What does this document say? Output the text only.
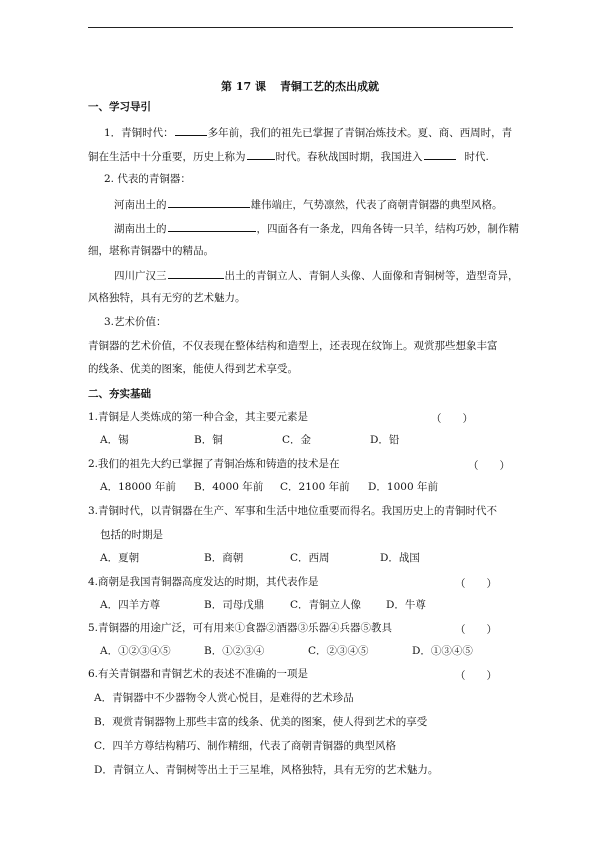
第 17 课 青铜工艺的杰出成就
一、学习导引
1．青铜时代：	多年前，我们的祖先已掌握了青铜冶炼技术。夏、商、西周时，青
铜在生活中十分重要，历史上称为	时代。春秋战国时期，我国进入	时代.
2. 代表的青铜器：
河南出土的	雄伟端庄，气势凛然，代表了商朝青铜器的典型风格。
湖南出土的	，四面各有一条龙，四角各铸一只羊，结构巧妙，制作精
细，堪称青铜器中的精品。
四川广汉三	出土的青铜立人、青铜人头像、人面像和青铜树等，造型奇异，
风格独特，具有无穷的艺术魅力。
3.艺术价值：
青铜器的艺术价值，不仅表现在整体结构和造型上，还表现在纹饰上。观赏那些想象丰富
的线条、优美的图案，能使人得到艺术享受。
二、夯实基础
1.青铜是人类炼成的第一种合金，其主要元素是	（　　）
A．锡	B．铜	C．金	D．铅
2.我们的祖先大约已掌握了青铜冶炼和铸造的技术是在	（　　）
A．18000 年前 B．4000 年前 C．2100 年前 D．1000 年前
3.青铜时代，以青铜器在生产、军事和生活中地位重要而得名。我国历史上的青铜时代不
包括的时期是
A．夏朝	B．商朝	C．西周	D．战国
4.商朝是我国青铜器高度发达的时期，其代表作是	（　　）
A．四羊方尊	B．司母戊鼎 C．青铜立人像 D．牛尊
5.青铜器的用途广泛，可有用来①食器②酒器③乐器④兵器⑤教具	（　　）
A．①②③④⑤	B．①②③④	C．②③④⑤	D．①③④⑤
6.有关青铜器和青铜艺术的表述不准确的一项是	（　　）
A．青铜器中不少器物令人赏心悦目，是难得的艺术珍品
B．观赏青铜器物上那些丰富的线条、优美的图案，使人得到艺术的享受
C．四羊方尊结构精巧、制作精细，代表了商朝青铜器的典型风格
D．青铜立人、青铜树等出土于三星堆，风格独特，具有无穷的艺术魅力。
